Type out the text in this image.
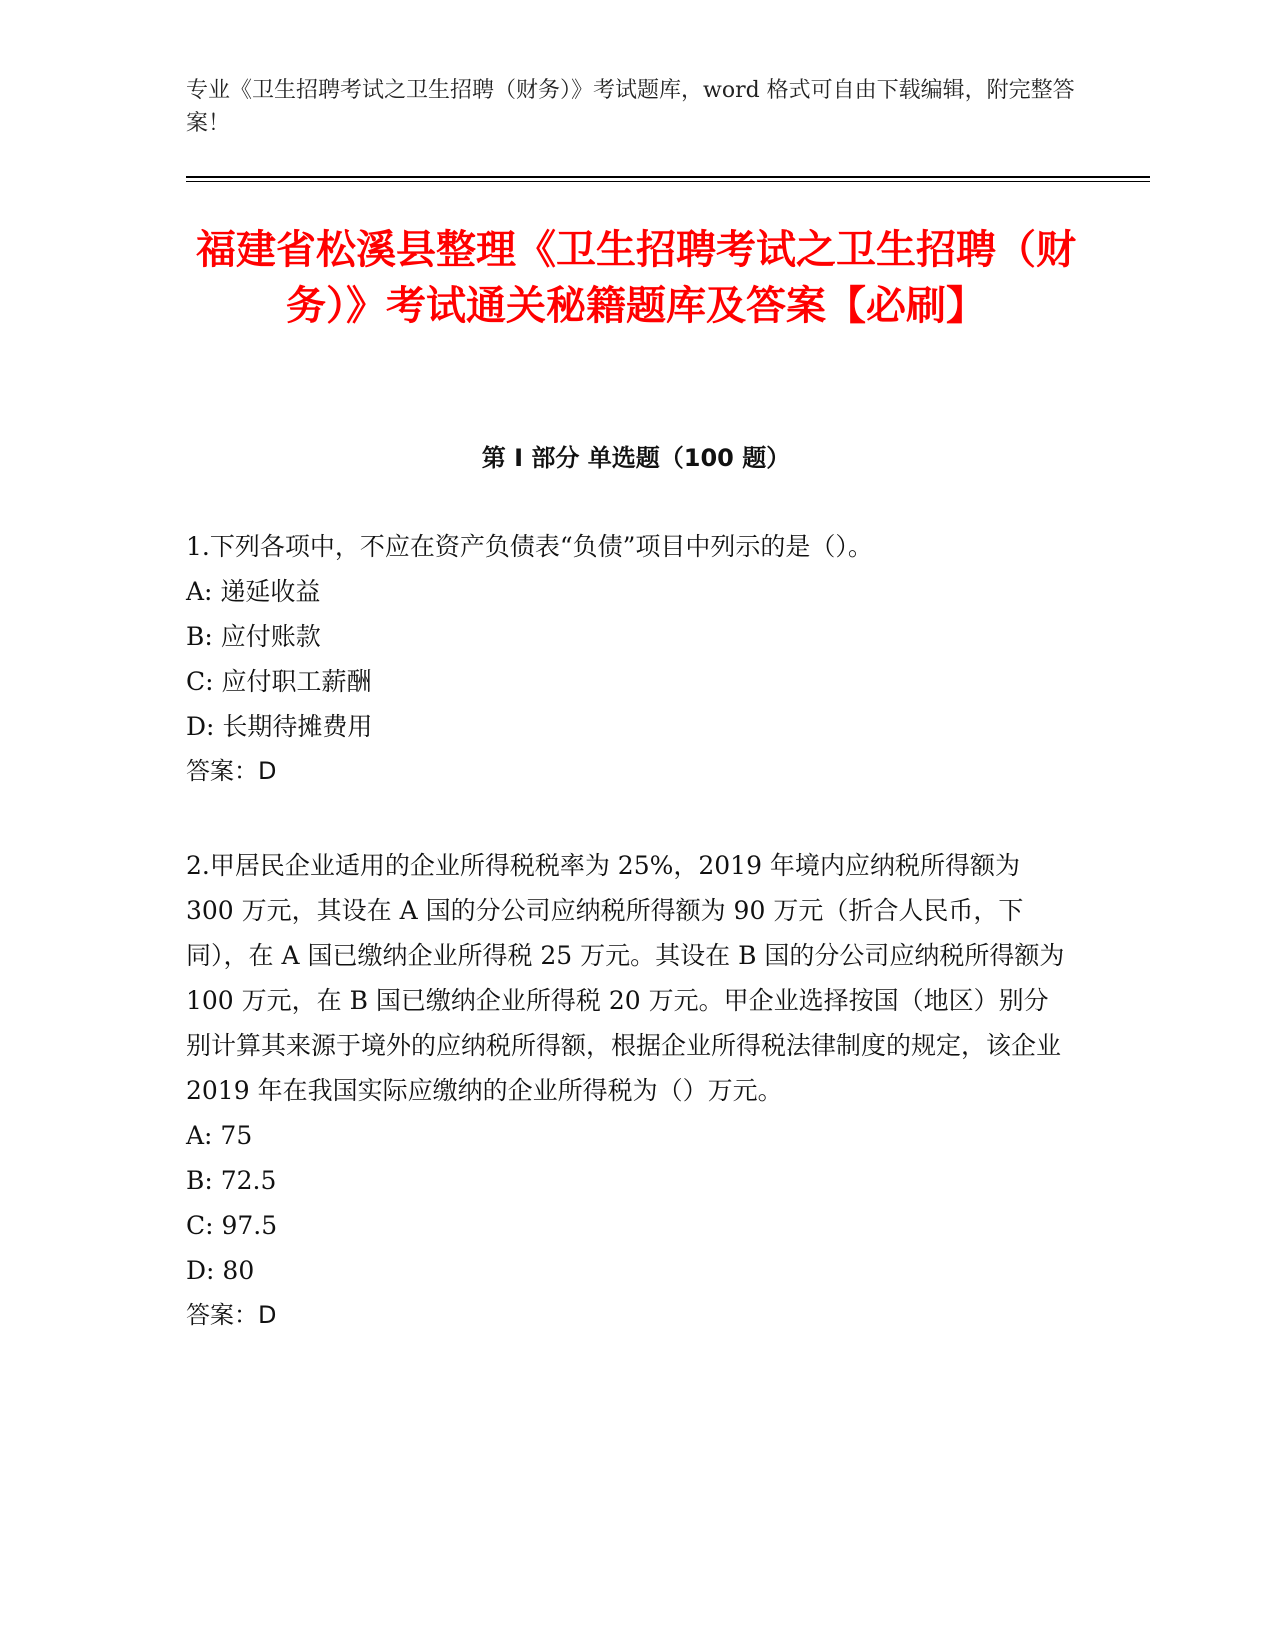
专业《卫生招聘考试之卫生招聘（财务）》考试题库，word 格式可自由下载编辑，附完整答案！
福建省松溪县整理《卫生招聘考试之卫生招聘（财务）》考试通关秘籍题库及答案【必刷】
第 I 部分 单选题（100 题）

1.下列各项中，不应在资产负债表“负债”项目中列示的是（）。

A: 递延收益

B: 应付账款

C: 应付职工薪酬

D: 长期待摊费用

答案：D

2.甲居民企业适用的企业所得税税率为 25%，2019 年境内应纳税所得额为 300 万元，其设在 A 国的分公司应纳税所得额为 90 万元（折合人民币，下同），在 A 国已缴纳企业所得税 25 万元。其设在 B 国的分公司应纳税所得额为 100 万元，在 B 国已缴纳企业所得税 20 万元。甲企业选择按国（地区）别分别计算其来源于境外的应纳税所得额，根据企业所得税法律制度的规定，该企业 2019 年在我国实际应缴纳的企业所得税为（）万元。

A: 75

B: 72.5

C: 97.5

D: 80

答案：D
